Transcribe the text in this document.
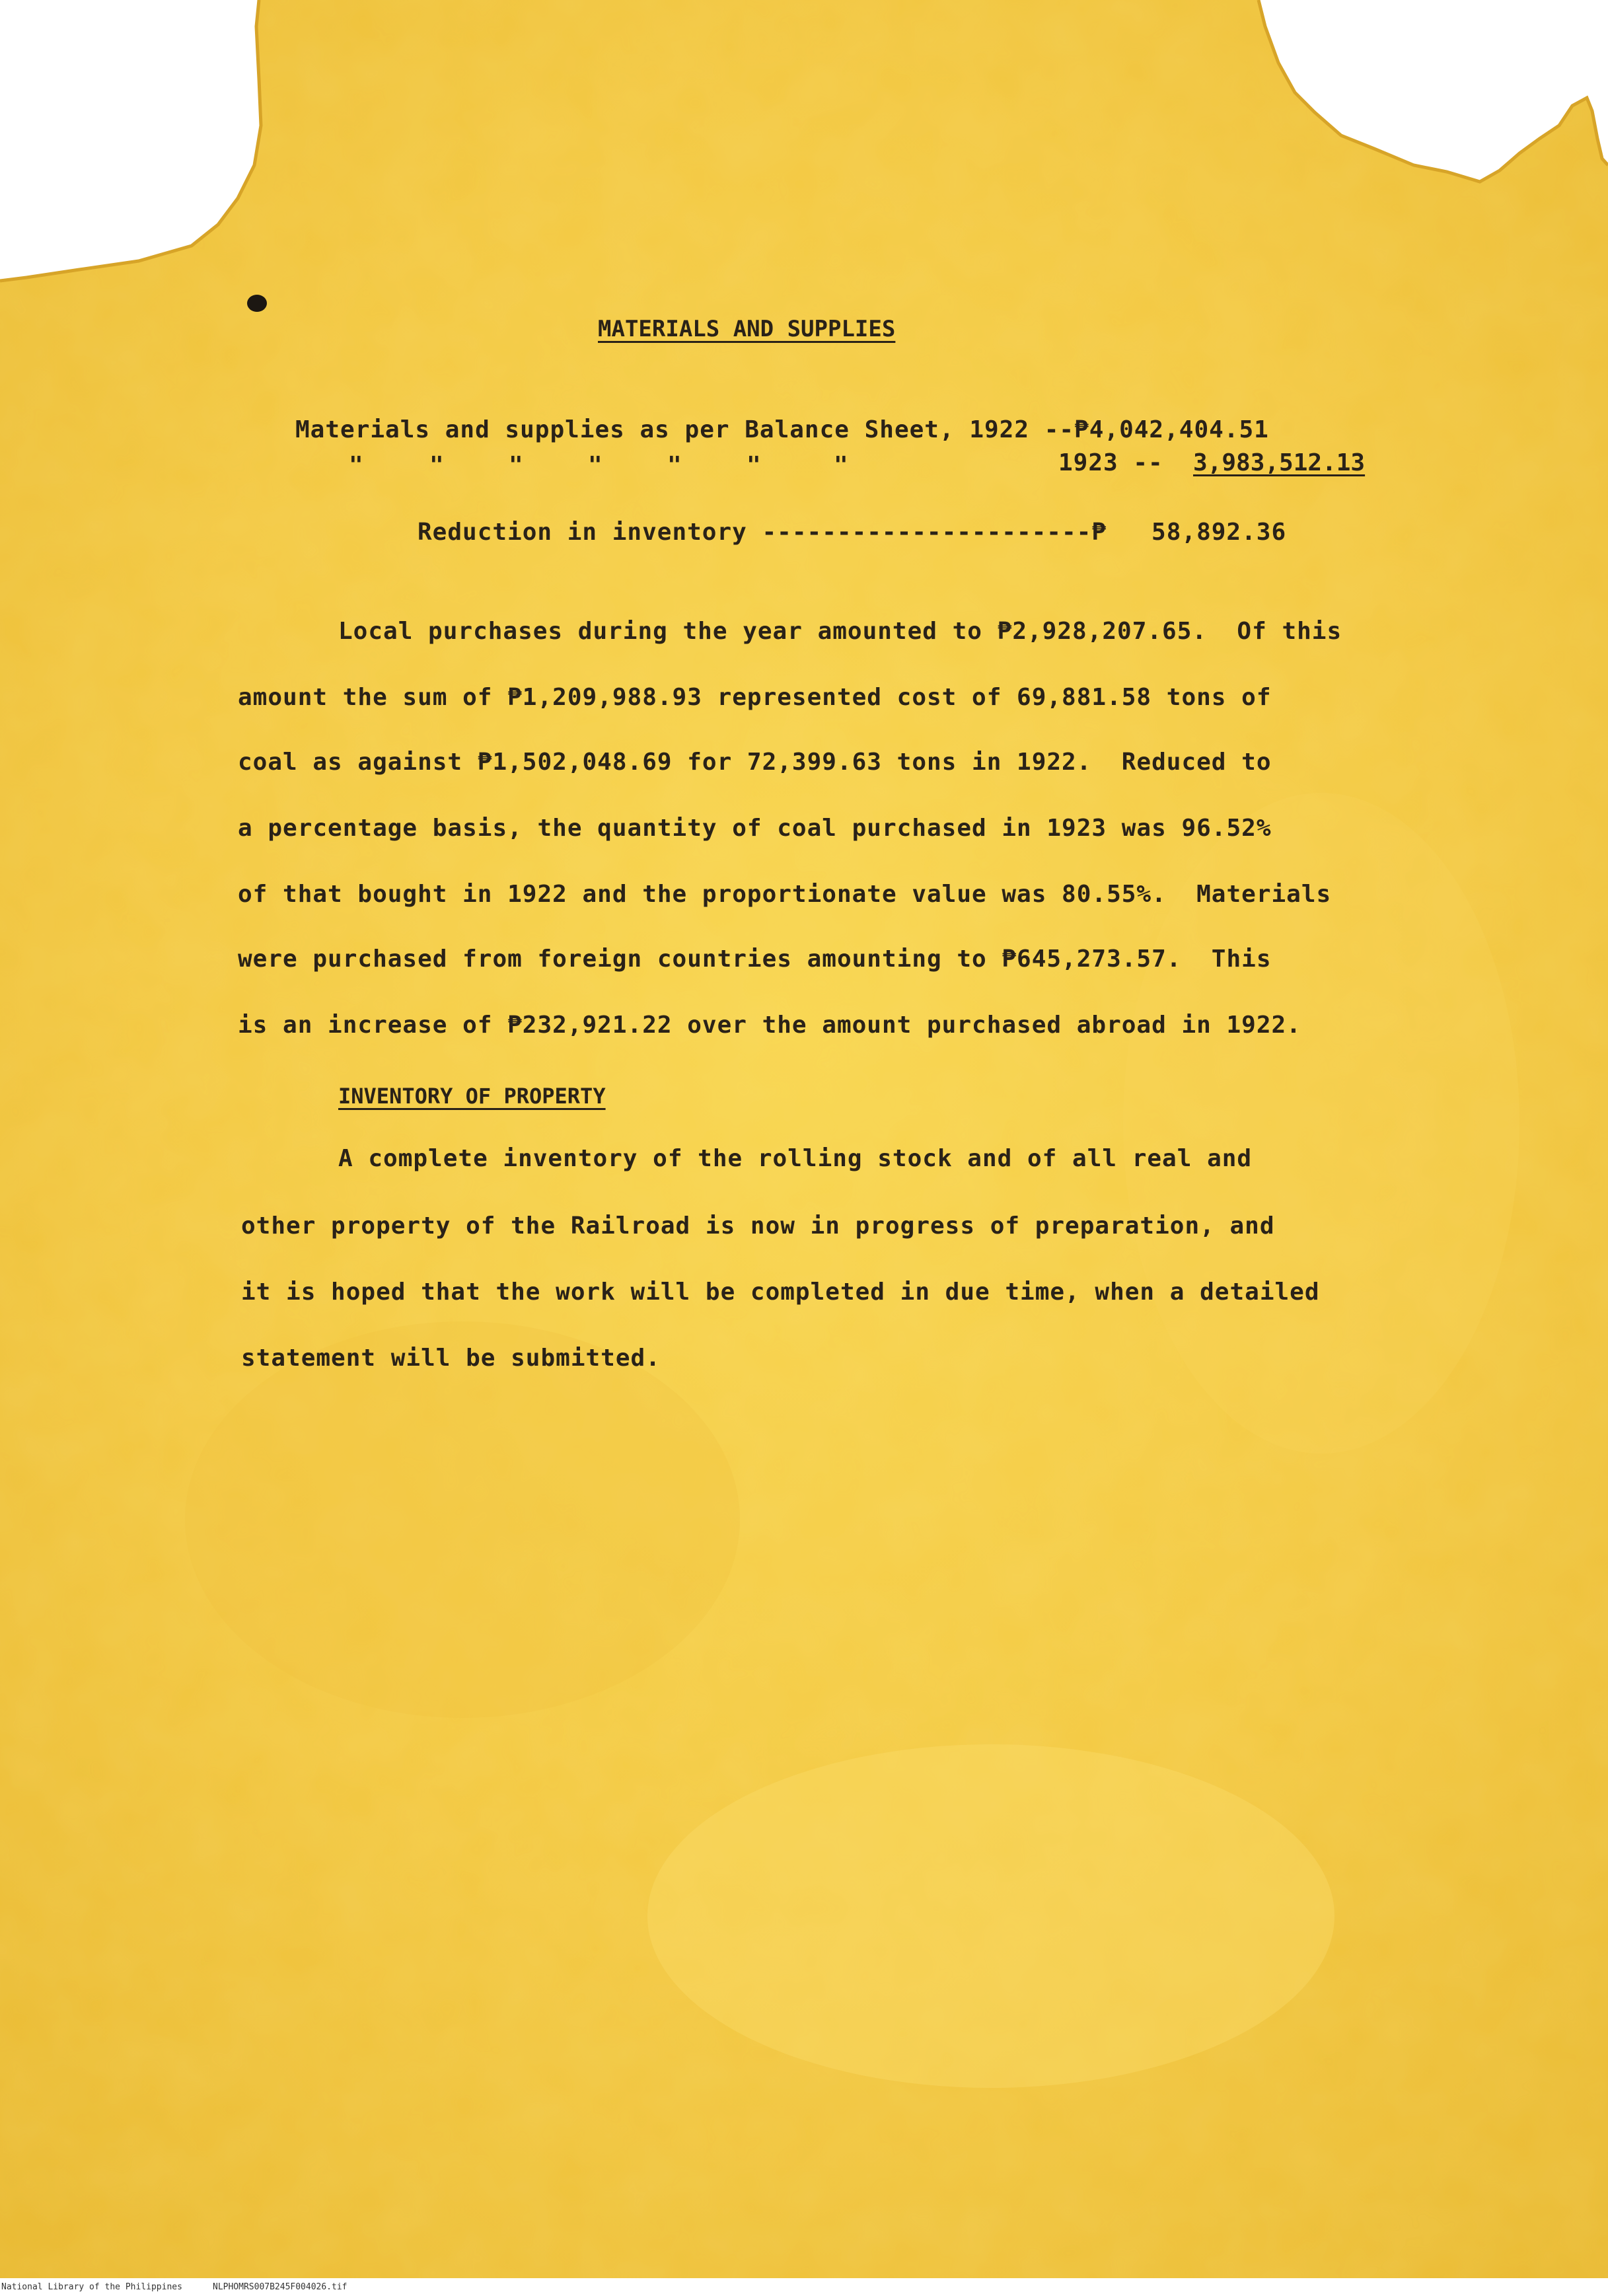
MATERIALS AND SUPPLIES
Materials and supplies as per Balance Sheet, 1922 --₱4,042,404.51
"	"	"	"	"	"	"	1923 -- 3,983,512.13
Reduction in inventory ----------------------₱ 58,892.36
Local purchases during the year amounted to ₱2,928,207.65.  Of this
amount the sum of ₱1,209,988.93 represented cost of 69,881.58 tons of
coal as against ₱1,502,048.69 for 72,399.63 tons in 1922.  Reduced to
a percentage basis, the quantity of coal purchased in 1923 was 96.52%
of that bought in 1922 and the proportionate value was 80.55%.  Materials
were purchased from foreign countries amounting to ₱645,273.57.  This
is an increase of ₱232,921.22 over the amount purchased abroad in 1922.
INVENTORY OF PROPERTY
A complete inventory of the rolling stock and of all real and
other property of the Railroad is now in progress of preparation, and
it is hoped that the work will be completed in due time, when a detailed
statement will be submitted.
National Library of the Philippines	NLPHOMRS007B245F004026.tif
